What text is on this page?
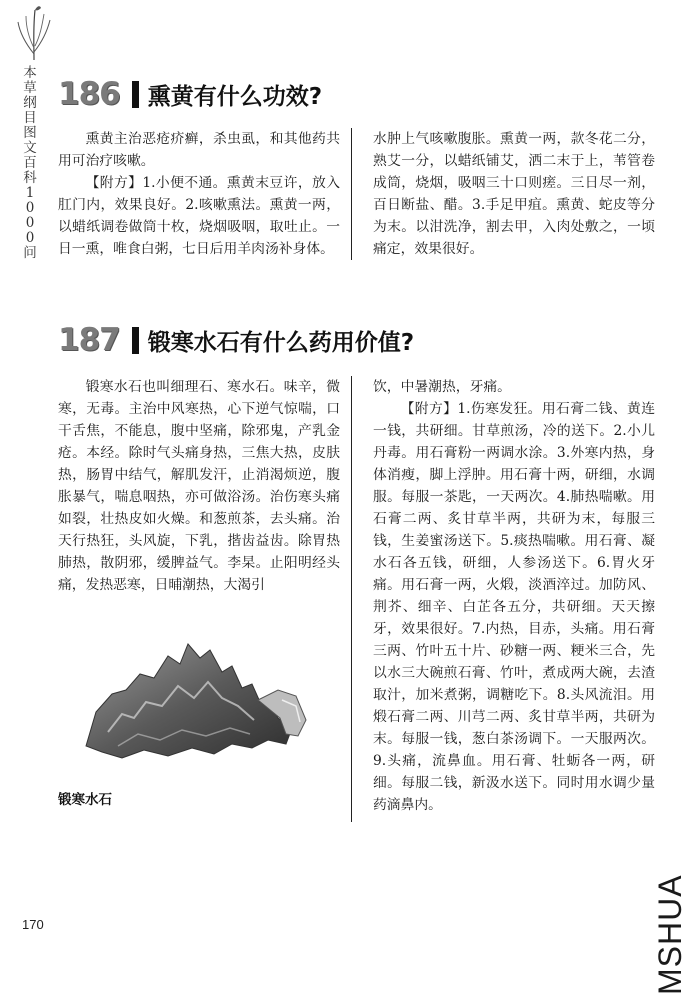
本草纲目图文百科1000问
186 熏黄有什么功效?

熏黄主治恶疮疥癣，杀虫虱，和其他药共用可治疗咳嗽。

【附方】1.小便不通。熏黄末豆许，放入肛门内，效果良好。2.咳嗽熏法。熏黄一两，以蜡纸调卷做筒十枚，烧烟吸咽，取吐止。一日一熏，唯食白粥，七日后用羊肉汤补身体。

水肿上气咳嗽腹胀。熏黄一两，款冬花二分，熟艾一分，以蜡纸铺艾，洒二末于上，苇管卷成筒，烧烟，吸咽三十口则瘥。三日尽一剂，百日断盐、醋。3.手足甲疽。熏黄、蛇皮等分为末。以泔洗净，割去甲，入肉处敷之，一顷痛定，效果很好。

187 锻寒水石有什么药用价值?

锻寒水石也叫细理石、寒水石。味辛，微寒，无毒。主治中风寒热，心下逆气惊喘，口干舌焦，不能息，腹中坚痛，除邪鬼，产乳金疮。本经。除时气头痛身热，三焦大热，皮肤热，肠胃中结气，解肌发汗，止消渴烦逆，腹胀暴气，喘息咽热，亦可做浴汤。治伤寒头痛如裂，壮热皮如火燥。和葱煎茶，去头痛。治天行热狂，头风旋，下乳，揩齿益齿。除胃热肺热，散阴邪，缓脾益气。李杲。止阳明经头痛，发热恶寒，日晡潮热，大渴引

饮，中暑潮热，牙痛。

【附方】1.伤寒发狂。用石膏二钱、黄连一钱，共研细。甘草煎汤，冷的送下。2.小儿丹毒。用石膏粉一两调水涂。3.外寒内热，身体消瘦，脚上浮肿。用石膏十两，研细，水调服。每服一茶匙，一天两次。4.肺热喘嗽。用石膏二两、炙甘草半两，共研为末，每服三钱，生姜蜜汤送下。5.痰热喘嗽。用石膏、凝水石各五钱，研细，人参汤送下。6.胃火牙痛。用石膏一两，火煅，淡酒淬过。加防风、荆芥、细辛、白芷各五分，共研细。天天擦牙，效果很好。7.内热，目赤，头痛。用石膏三两、竹叶五十片、砂糖一两、粳米三合，先以水三大碗煎石膏、竹叶，煮成两大碗，去渣取汁，加米煮粥，调糖吃下。8.头风流泪。用煅石膏二两、川芎二两、炙甘草半两，共研为末。每服一钱，葱白茶汤调下。一天服两次。9.头痛，流鼻血。用石膏、牡蛎各一两，研细。每服二钱，新汲水送下。同时用水调少量药滴鼻内。

锻寒水石
170	MSHUA
